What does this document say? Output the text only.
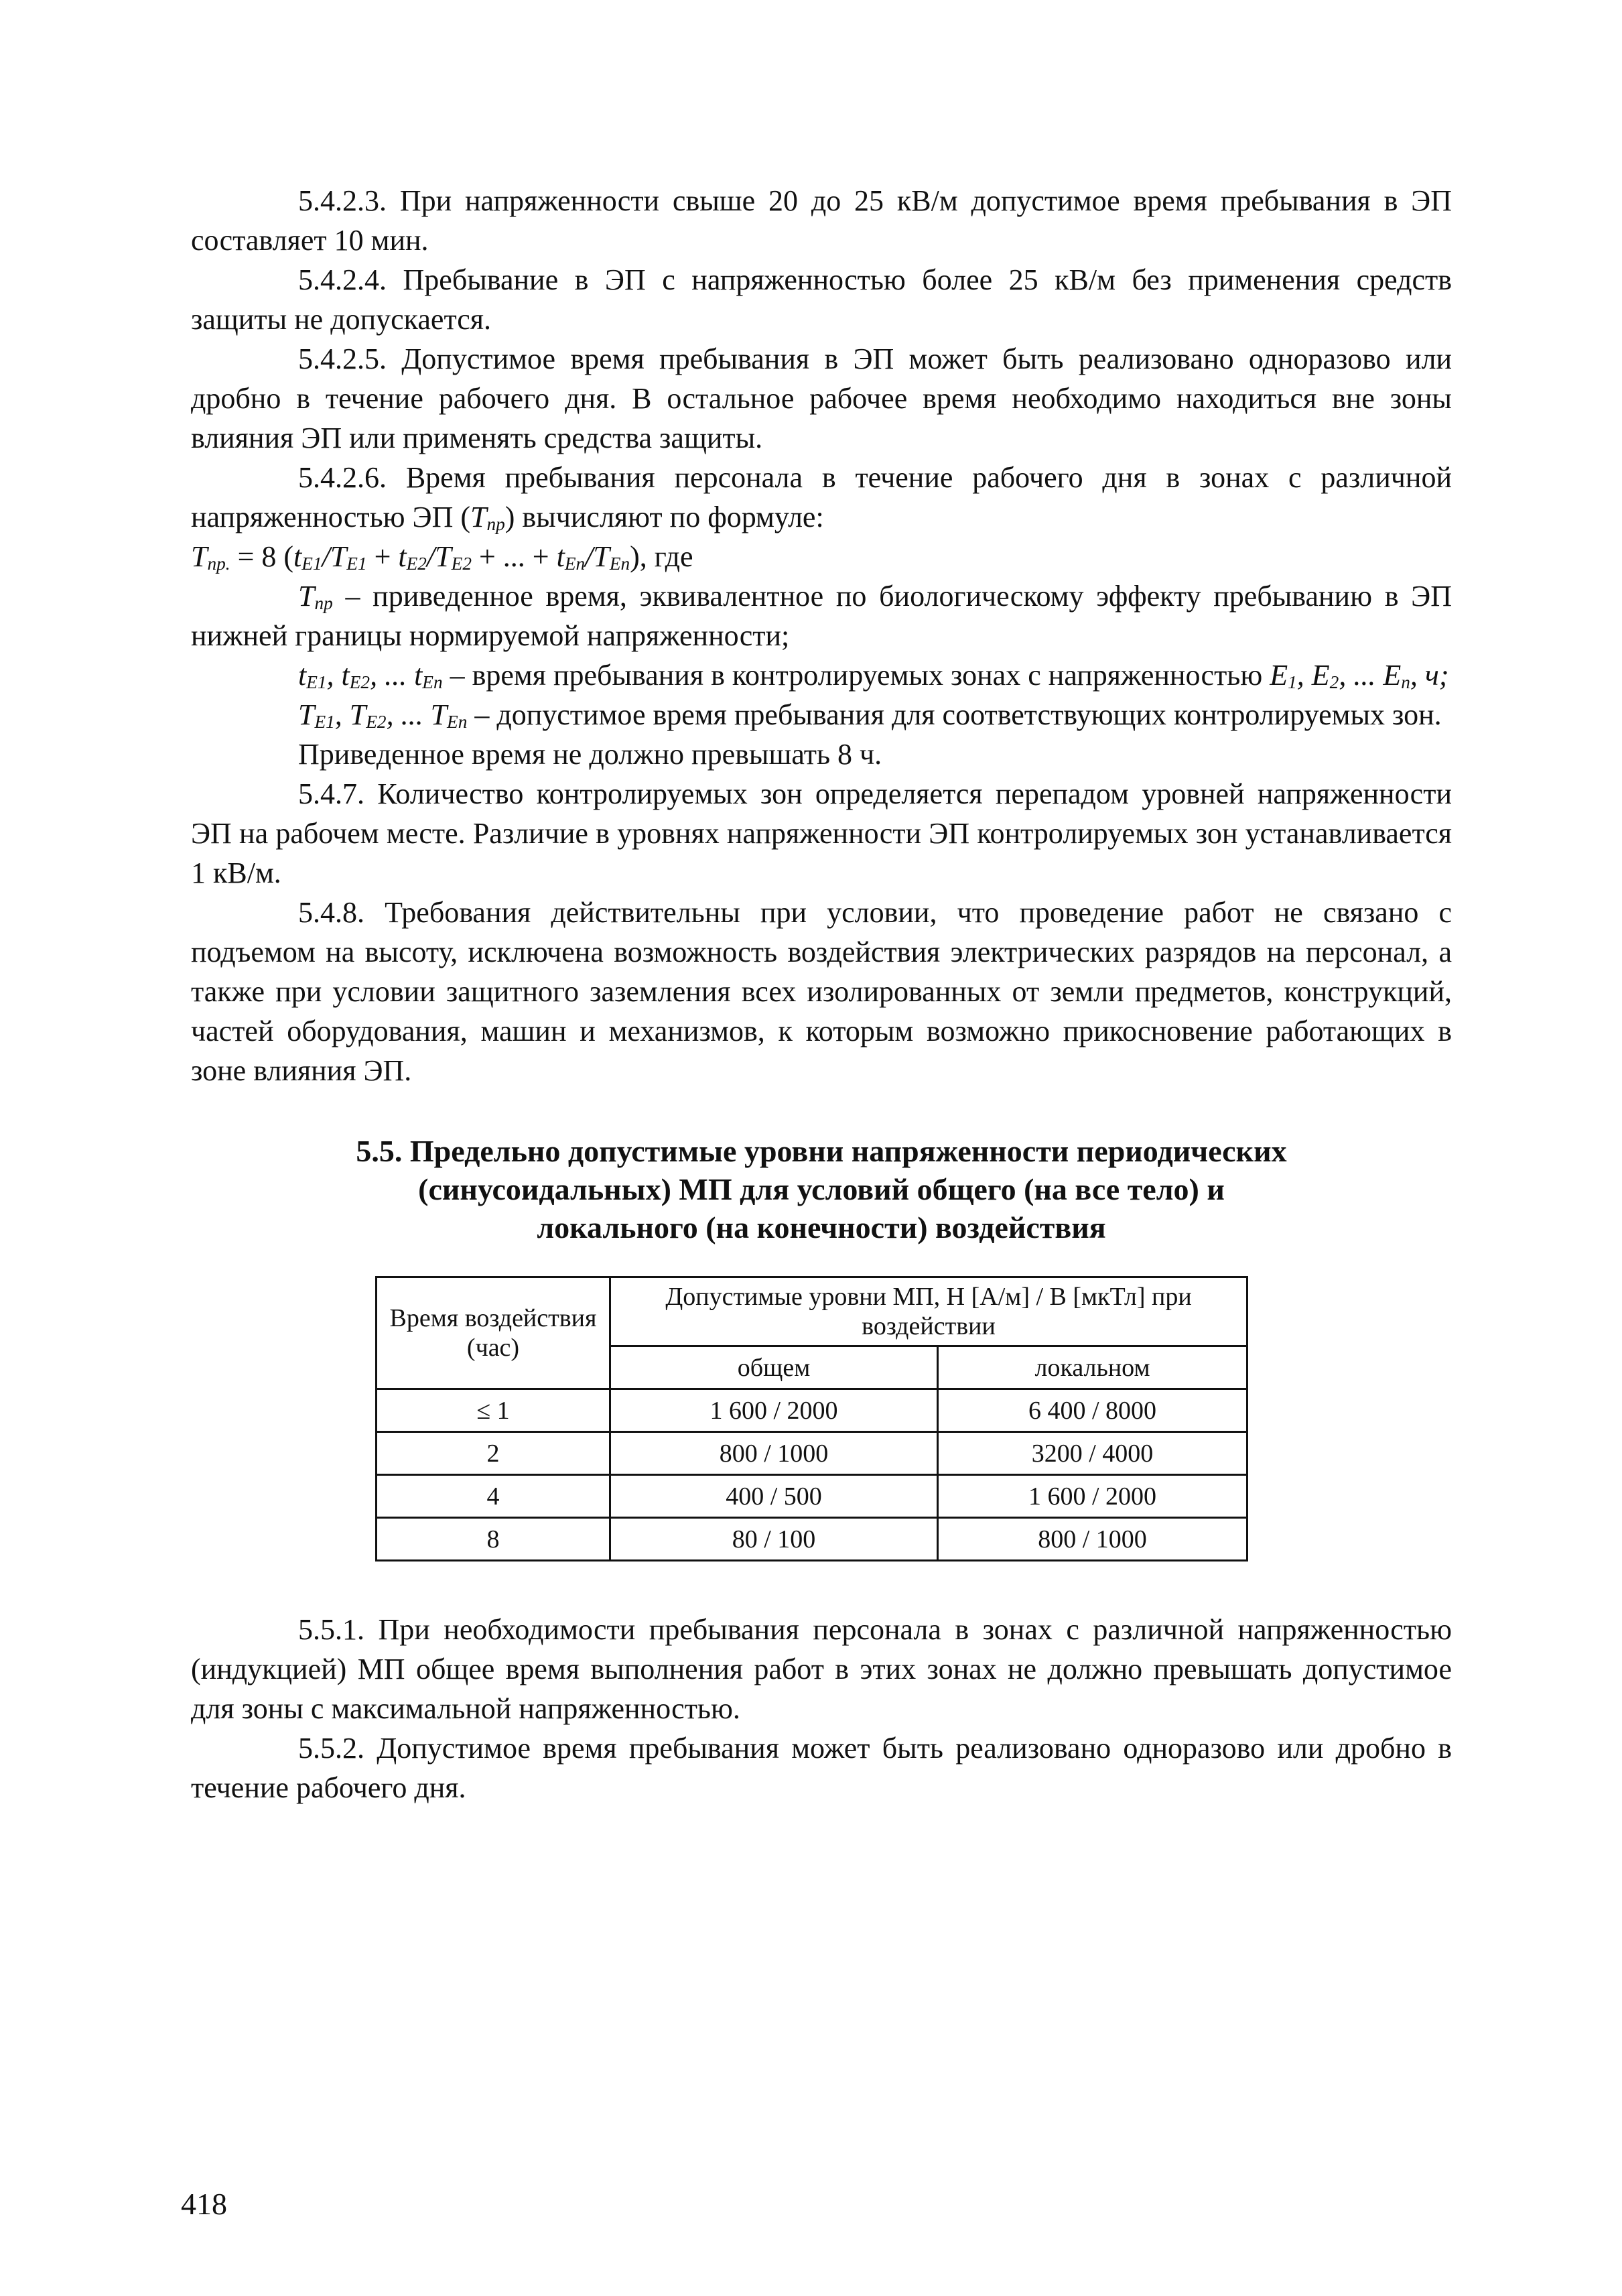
5.4.2.3. При напряженности свыше 20 до 25 кВ/м допустимое время пребывания в ЭП составляет 10 мин.

5.4.2.4. Пребывание в ЭП с напряженностью более 25 кВ/м без применения средств защиты не допускается.

5.4.2.5. Допустимое время пребывания в ЭП может быть реализовано одноразово или дробно в течение рабочего дня. В остальное рабочее время необходимо находиться вне зоны влияния ЭП или применять средства защиты.

5.4.2.6. Время пребывания персонала в течение рабочего дня в зонах с различной напряженностью ЭП $(T_{пр})$ вычисляют по формуле:

$T_{пр.} = 8$ ($t_{E1}/T_{E1} + t_{E2}/T_{E2}$ + ... + $t_{En}/T_{En}$), где

$T_{пр}$ – приведенное время, эквивалентное по биологическому эффекту пребыванию в ЭП нижней границы нормируемой напряженности;

$t_{E1}$, $t_{E2}$, ... $t_{En}$ – время пребывания в контролируемых зонах с напряженностью $E_1$, $E_2$, ... $E_n$, ч;

$T_{E1}$, $T_{E2}$, ... $T_{En}$ – допустимое время пребывания для соответствующих контролируемых зон.

Приведенное время не должно превышать 8 ч.

5.4.7. Количество контролируемых зон определяется перепадом уровней напряженности ЭП на рабочем месте. Различие в уровнях напряженности ЭП контролируемых зон устанавливается 1 кВ/м.

5.4.8. Требования действительны при условии, что проведение работ не связано с подъемом на высоту, исключена возможность воздействия электрических разрядов на персонал, а также при условии защитного заземления всех изолированных от земли предметов, конструкций, частей оборудования, машин и механизмов, к которым возможно прикосновение работающих в зоне влияния ЭП.

5.5. Предельно допустимые уровни напряженности периодических
(синусоидальных) МП для условий общего (на все тело) и
локального (на конечности) воздействия
Время воздействия (час)	Допустимые уровни МП, Н [А/м] / В [мкТл] при воздействии	
	общем	локальном
≤ 1	1 600 / 2000	6 400 / 8000
2	800 / 1000	3200 / 4000
4	400 / 500	1 600 / 2000
8	80 / 100	800 / 1000

5.5.1. При необходимости пребывания персонала в зонах с различной напряженностью (индукцией) МП общее время выполнения работ в этих зонах не должно превышать допустимое для зоны с максимальной напряженностью.

5.5.2. Допустимое время пребывания может быть реализовано одноразово или дробно в течение рабочего дня.

418
